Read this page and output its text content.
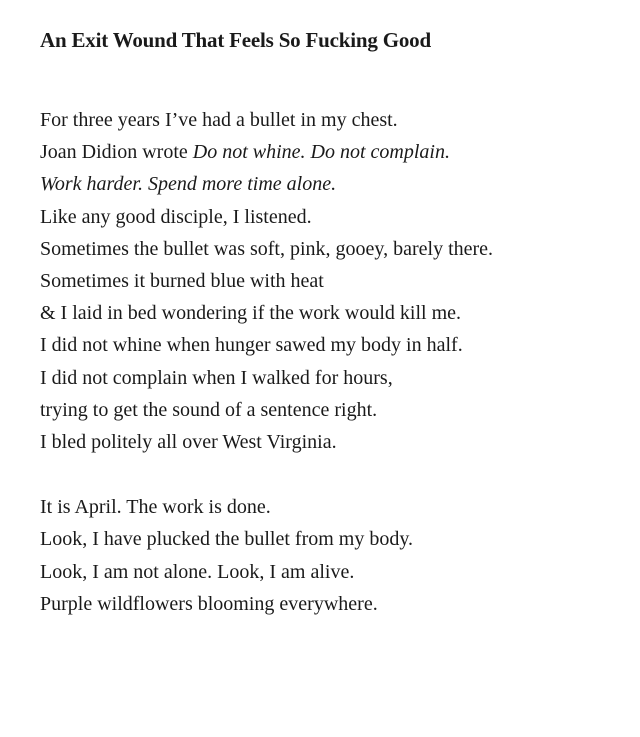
An Exit Wound That Feels So Fucking Good
For three years I’ve had a bullet in my chest.
Joan Didion wrote Do not whine. Do not complain.
Work harder. Spend more time alone.
Like any good disciple, I listened.
Sometimes the bullet was soft, pink, gooey, barely there.
Sometimes it burned blue with heat
& I laid in bed wondering if the work would kill me.
I did not whine when hunger sawed my body in half.
I did not complain when I walked for hours,
trying to get the sound of a sentence right.
I bled politely all over West Virginia.
It is April. The work is done.
Look, I have plucked the bullet from my body.
Look, I am not alone. Look, I am alive.
Purple wildflowers blooming everywhere.
